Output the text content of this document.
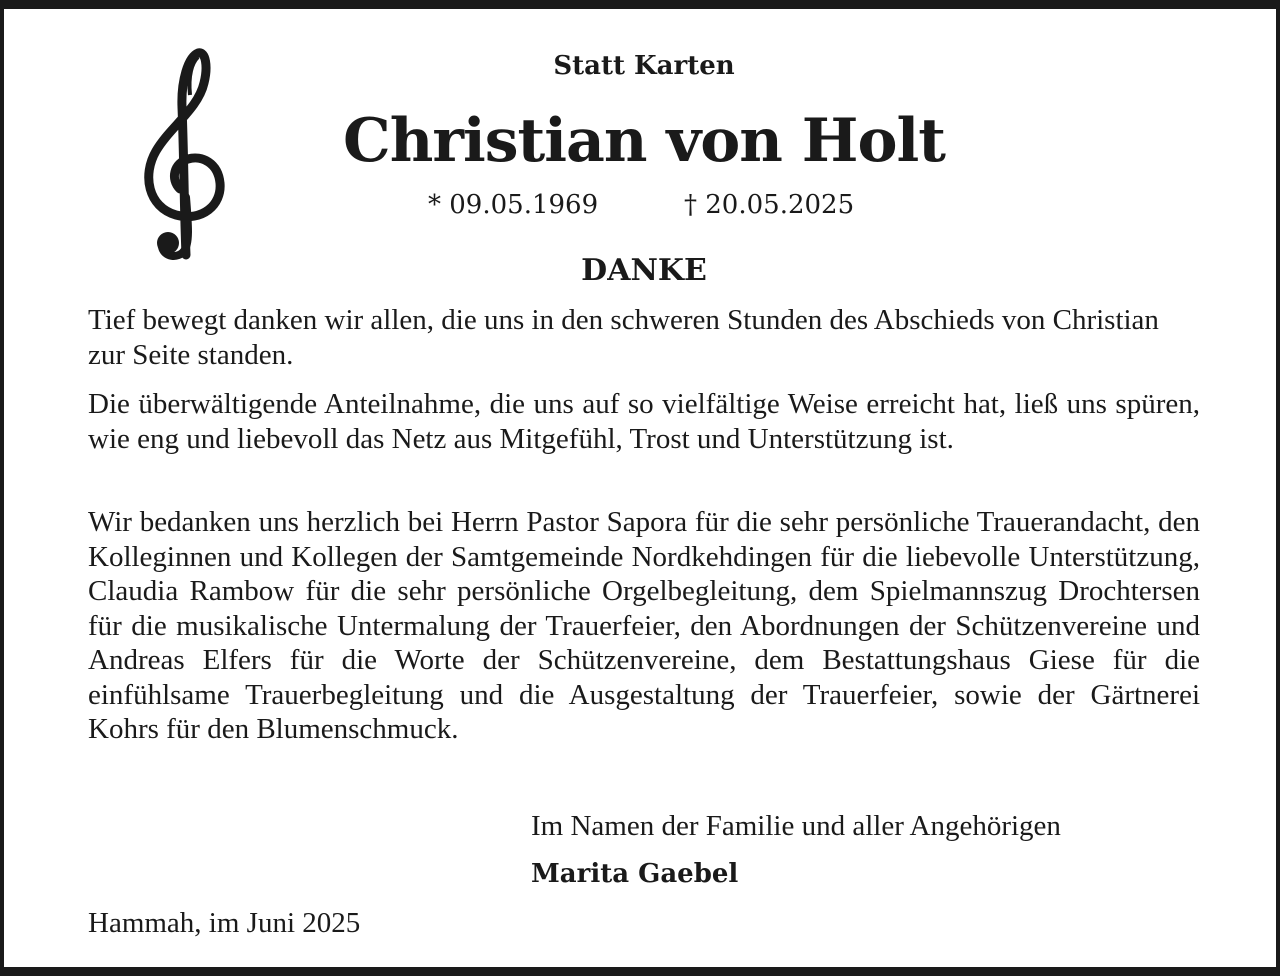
Statt Karten
Christian von Holt
* 09.05.1969	† 20.05.2025
DANKE

Tief bewegt danken wir allen, die uns in den schweren Stunden des Abschieds von Christian zur Seite standen.

Die überwältigende Anteilnahme, die uns auf so vielfältige Weise erreicht hat, ließ uns spüren, wie eng und liebevoll das Netz aus Mitgefühl, Trost und Unterstützung ist.

Wir bedanken uns herzlich bei Herrn Pastor Sapora für die sehr persönliche Trauerandacht, den Kolleginnen und Kollegen der Samtgemeinde Nordkehdingen für die liebevolle Unterstützung, Claudia Rambow für die sehr persönliche Orgelbegleitung, dem Spielmannszug Drochtersen für die musikalische Untermalung der Trauerfeier, den Abordnungen der Schützenvereine und Andreas Elfers für die Worte der Schützenvereine, dem Bestattungshaus Giese für die einfühlsame Trauerbegleitung und die Ausgestaltung der Trauerfeier, sowie der Gärtnerei Kohrs für den Blumenschmuck.

Im Namen der Familie und aller Angehörigen
Marita Gaebel
Hammah, im Juni 2025
